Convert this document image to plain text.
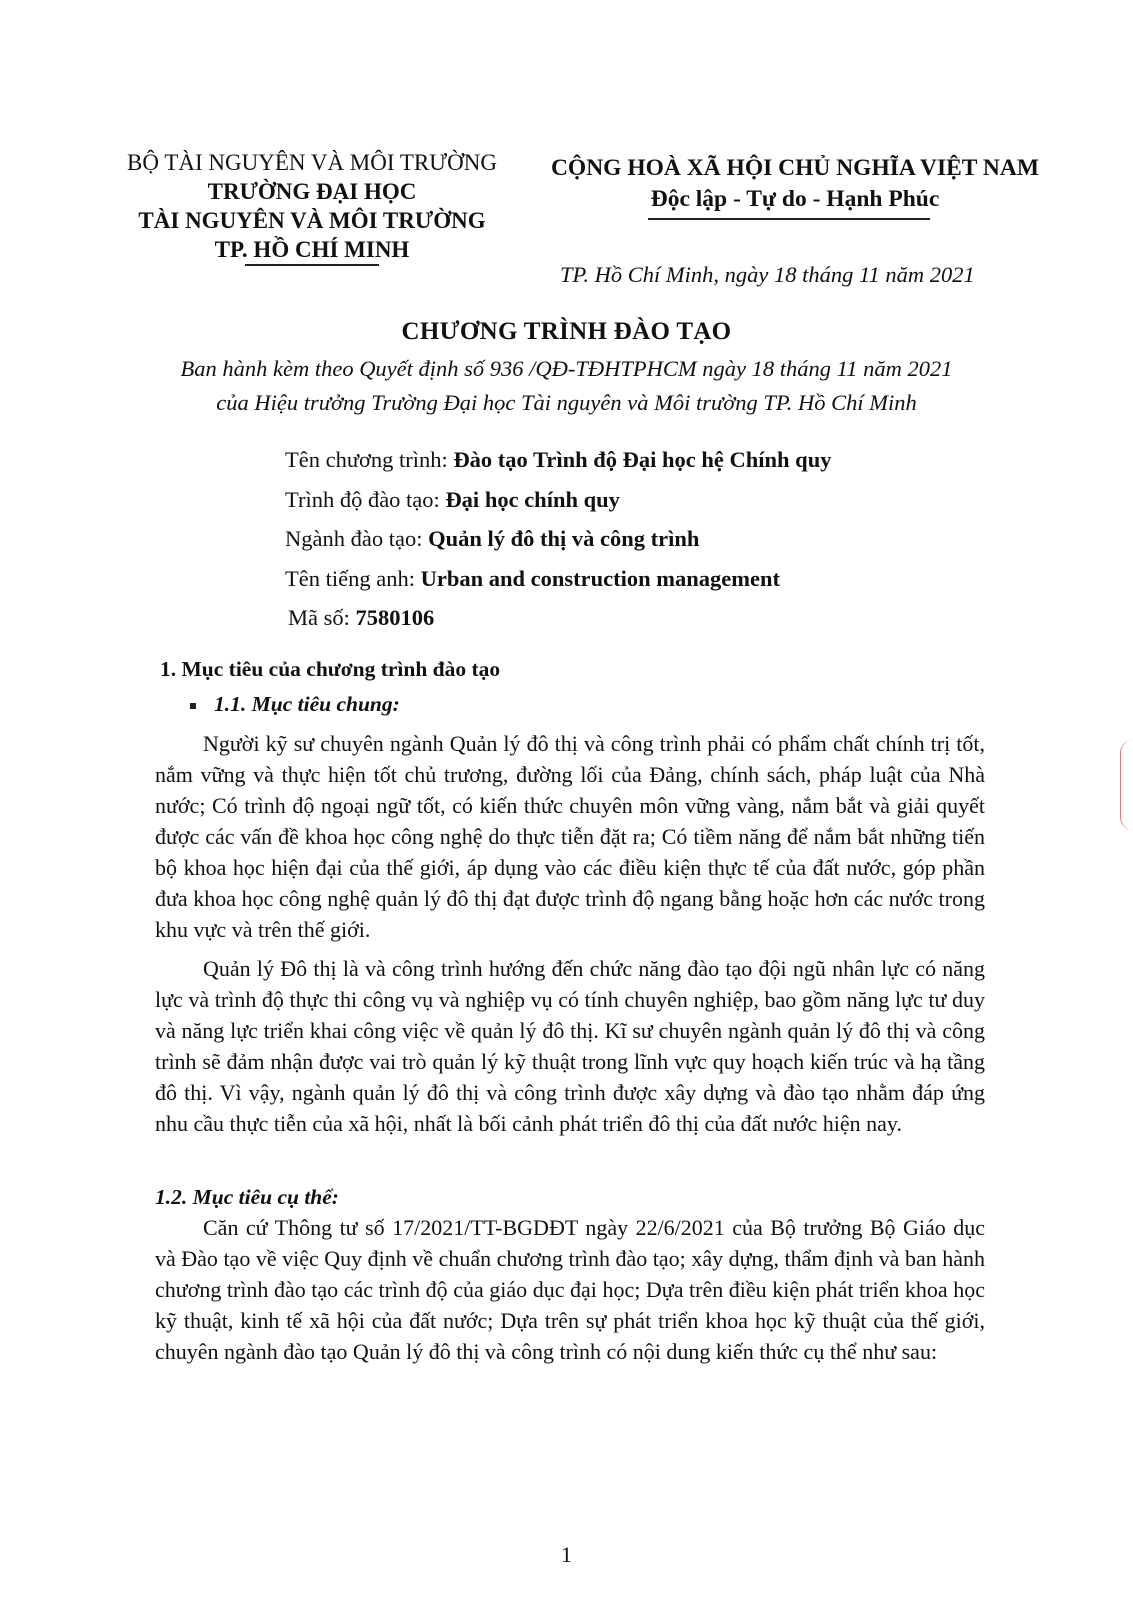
BỘ TÀI NGUYÊN VÀ MÔI TRƯỜNG
TRƯỜNG ĐẠI HỌC
TÀI NGUYÊN VÀ MÔI TRƯỜNG
TP. HỒ CHÍ MINH
CỘNG HOÀ XÃ HỘI CHỦ NGHĨA VIỆT NAM
Độc lập - Tự do - Hạnh Phúc
TP. Hồ Chí Minh, ngày 18 tháng 11 năm 2021
CHƯƠNG TRÌNH ĐÀO TẠO
Ban hành kèm theo Quyết định số 936 /QĐ-TĐHTPHCM ngày 18 tháng 11 năm 2021
của Hiệu trưởng Trường Đại học Tài nguyên và Môi trường TP. Hồ Chí Minh
Tên chương trình: Đào tạo Trình độ Đại học hệ Chính quy
Trình độ đào tạo: Đại học chính quy
Ngành đào tạo: Quản lý đô thị và công trình
Tên tiếng anh: Urban and construction management
Mã số: 7580106
1. Mục tiêu của chương trình đào tạo
1.1. Mục tiêu chung:

Người kỹ sư chuyên ngành Quản lý đô thị và công trình phải có phẩm chất chính trị tốt, nắm vững và thực hiện tốt chủ trương, đường lối của Đảng, chính sách, pháp luật của Nhà nước; Có trình độ ngoại ngữ tốt, có kiến thức chuyên môn vững vàng, nắm bắt và giải quyết được các vấn đề khoa học công nghệ do thực tiễn đặt ra; Có tiềm năng để nắm bắt những tiến bộ khoa học hiện đại của thế giới, áp dụng vào các điều kiện thực tế của đất nước, góp phần đưa khoa học công nghệ quản lý đô thị đạt được trình độ ngang bằng hoặc hơn các nước trong khu vực và trên thế giới.

Quản lý Đô thị là và công trình hướng đến chức năng đào tạo đội ngũ nhân lực có năng lực và trình độ thực thi công vụ và nghiệp vụ có tính chuyên nghiệp, bao gồm năng lực tư duy và năng lực triển khai công việc về quản lý đô thị. Kĩ sư chuyên ngành quản lý đô thị và công trình sẽ đảm nhận được vai trò quản lý kỹ thuật trong lĩnh vực quy hoạch kiến trúc và hạ tầng đô thị. Vì vậy, ngành quản lý đô thị và công trình được xây dựng và đào tạo nhằm đáp ứng nhu cầu thực tiễn của xã hội, nhất là bối cảnh phát triển đô thị của đất nước hiện nay.

1.2. Mục tiêu cụ thể:

Căn cứ Thông tư số 17/2021/TT-BGDĐT ngày 22/6/2021 của Bộ trưởng Bộ Giáo dục và Đào tạo về việc Quy định về chuẩn chương trình đào tạo; xây dựng, thẩm định và ban hành chương trình đào tạo các trình độ của giáo dục đại học; Dựa trên điều kiện phát triển khoa học kỹ thuật, kinh tế xã hội của đất nước; Dựa trên sự phát triển khoa học kỹ thuật của thế giới, chuyên ngành đào tạo Quản lý đô thị và công trình có nội dung kiến thức cụ thể như sau:

1
